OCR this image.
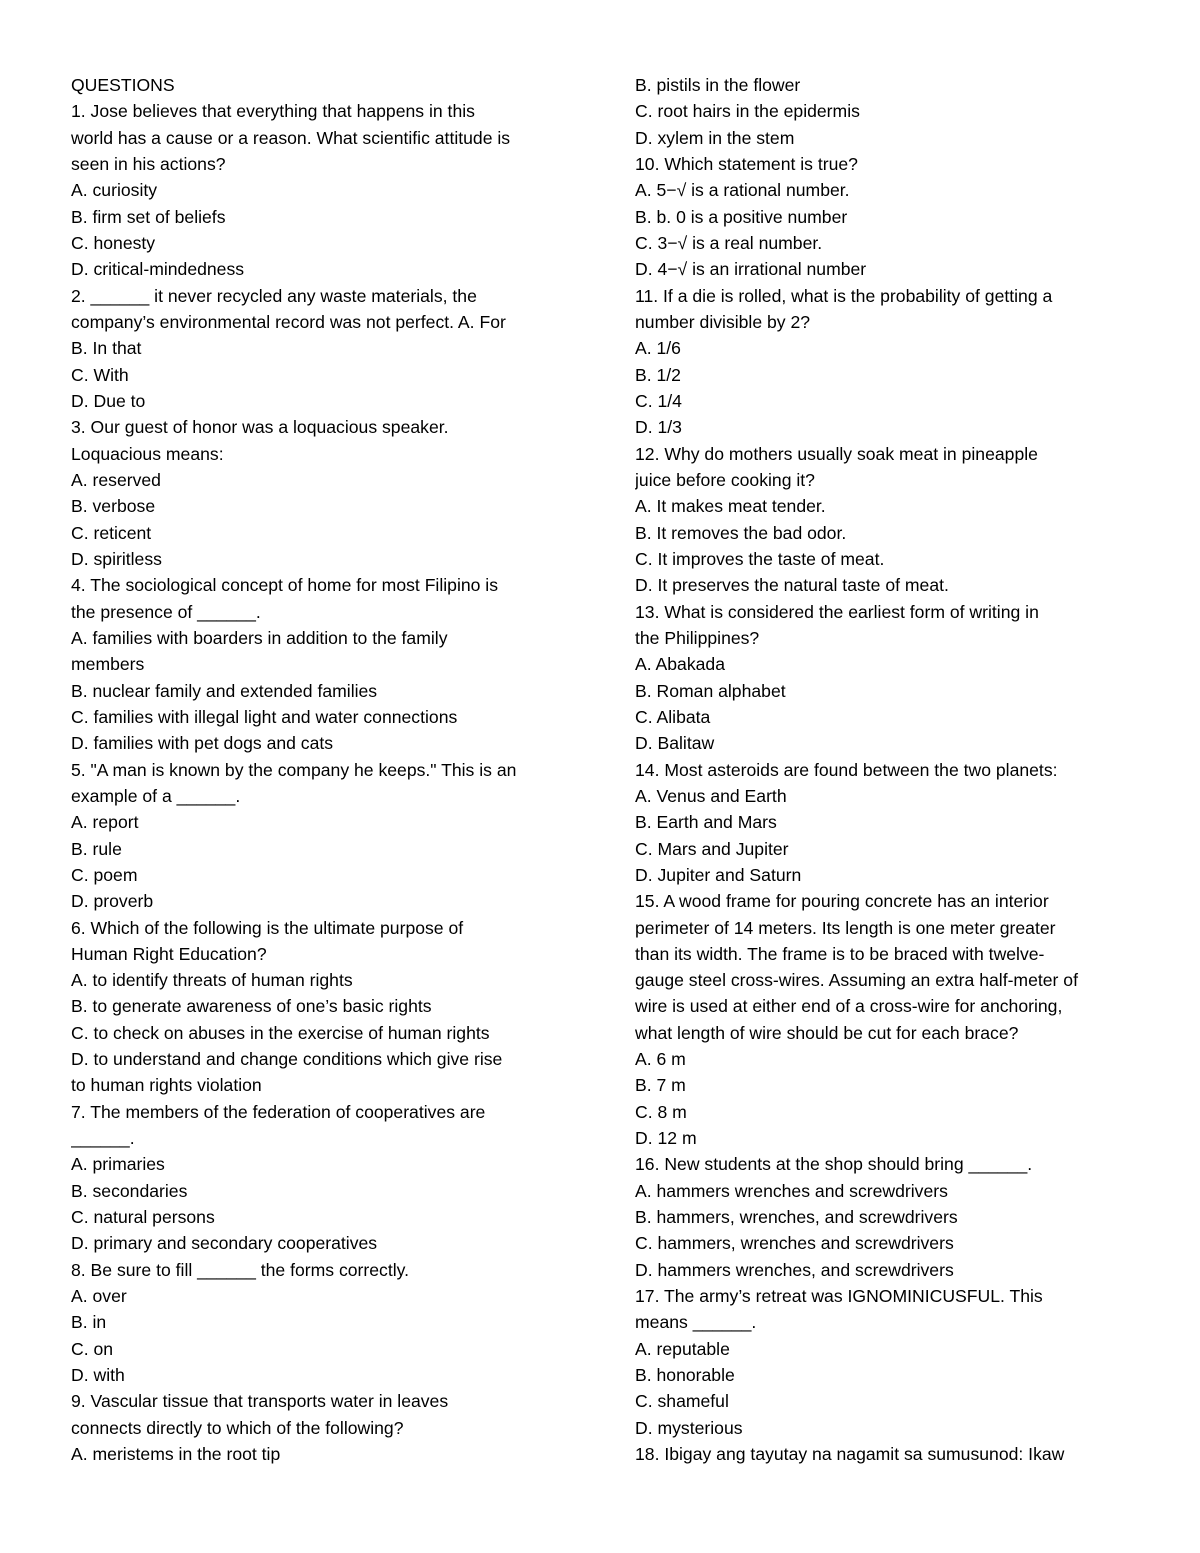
QUESTIONS
1. Jose believes that everything that happens in this
world has a cause or a reason. What scientific attitude is
seen in his actions?
A. curiosity
B. firm set of beliefs
C. honesty
D. critical-mindedness
2. ______ it never recycled any waste materials, the
company’s environmental record was not perfect. A. For
B. In that
C. With
D. Due to
3. Our guest of honor was a loquacious speaker.
Loquacious means:
A. reserved
B. verbose
C. reticent
D. spiritless
4. The sociological concept of home for most Filipino is
the presence of ______.
A. families with boarders in addition to the family
members
B. nuclear family and extended families
C. families with illegal light and water connections
D. families with pet dogs and cats
5. "A man is known by the company he keeps." This is an
example of a ______.
A. report
B. rule
C. poem
D. proverb
6. Which of the following is the ultimate purpose of
Human Right Education?
A. to identify threats of human rights
B. to generate awareness of one’s basic rights
C. to check on abuses in the exercise of human rights
D. to understand and change conditions which give rise
to human rights violation
7. The members of the federation of cooperatives are
______.
A. primaries
B. secondaries
C. natural persons
D. primary and secondary cooperatives
8. Be sure to fill ______ the forms correctly.
A. over
B. in
C. on
D. with
9. Vascular tissue that transports water in leaves
connects directly to which of the following?
A. meristems in the root tip
B. pistils in the flower
C. root hairs in the epidermis
D. xylem in the stem
10. Which statement is true?
A. 5−√ is a rational number.
B. b. 0 is a positive number
C. 3−√ is a real number.
D. 4−√ is an irrational number
11. If a die is rolled, what is the probability of getting a
number divisible by 2?
A. 1/6
B. 1/2
C. 1/4
D. 1/3
12. Why do mothers usually soak meat in pineapple
juice before cooking it?
A. It makes meat tender.
B. It removes the bad odor.
C. It improves the taste of meat.
D. It preserves the natural taste of meat.
13. What is considered the earliest form of writing in
the Philippines?
A. Abakada
B. Roman alphabet
C. Alibata
D. Balitaw
14. Most asteroids are found between the two planets:
A. Venus and Earth
B. Earth and Mars
C. Mars and Jupiter
D. Jupiter and Saturn
15. A wood frame for pouring concrete has an interior
perimeter of 14 meters. Its length is one meter greater
than its width. The frame is to be braced with twelve-
gauge steel cross-wires. Assuming an extra half-meter of
wire is used at either end of a cross-wire for anchoring,
what length of wire should be cut for each brace?
A. 6 m
B. 7 m
C. 8 m
D. 12 m
16. New students at the shop should bring ______.
A. hammers wrenches and screwdrivers
B. hammers, wrenches, and screwdrivers
C. hammers, wrenches and screwdrivers
D. hammers wrenches, and screwdrivers
17. The army’s retreat was IGNOMINICUSFUL. This
means ______.
A. reputable
B. honorable
C. shameful
D. mysterious
18. Ibigay ang tayutay na nagamit sa sumusunod: Ikaw
